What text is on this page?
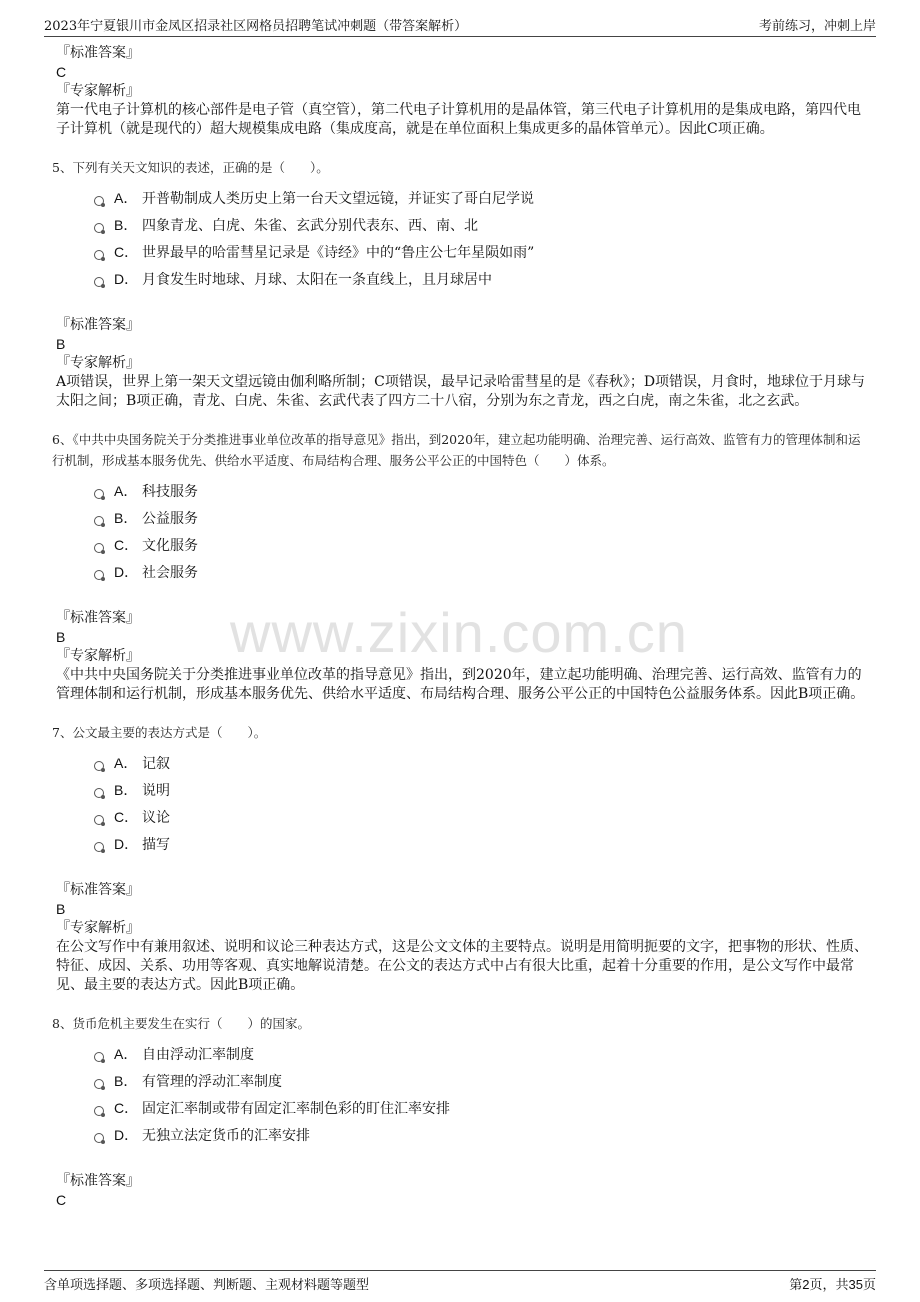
2023年宁夏银川市金凤区招录社区网格员招聘笔试冲刺题（带答案解析）	考前练习，冲刺上岸
www.zixin.com.cn
『标准答案』
C
『专家解析』

第一代电子计算机的核心部件是电子管（真空管），第二代电子计算机用的是晶体管，第三代电子计算机用的是集成电路，第四代电子计算机（就是现代的）超大规模集成电路（集成度高，就是在单位面积上集成更多的晶体管单元）。因此C项正确。

5、下列有关天文知识的表述，正确的是（　　）。
A． 开普勒制成人类历史上第一台天文望远镜，并证实了哥白尼学说
B． 四象青龙、白虎、朱雀、玄武分别代表东、西、南、北
C． 世界最早的哈雷彗星记录是《诗经》中的“鲁庄公七年星陨如雨”
D． 月食发生时地球、月球、太阳在一条直线上，且月球居中
『标准答案』
B
『专家解析』

A项错误，世界上第一架天文望远镜由伽利略所制；C项错误，最早记录哈雷彗星的是《春秋》；D项错误，月食时，地球位于月球与太阳之间；B项正确，青龙、白虎、朱雀、玄武代表了四方二十八宿，分别为东之青龙，西之白虎，南之朱雀，北之玄武。

6、《中共中央国务院关于分类推进事业单位改革的指导意见》指出，到2020年，建立起功能明确、治理完善、运行高效、监管有力的管理体制和运行机制，形成基本服务优先、供给水平适度、布局结构合理、服务公平公正的中国特色（　　）体系。
A． 科技服务
B． 公益服务
C． 文化服务
D． 社会服务
『标准答案』
B
『专家解析』

《中共中央国务院关于分类推进事业单位改革的指导意见》指出，到2020年，建立起功能明确、治理完善、运行高效、监管有力的管理体制和运行机制，形成基本服务优先、供给水平适度、布局结构合理、服务公平公正的中国特色公益服务体系。因此B项正确。

7、公文最主要的表达方式是（　　）。
A． 记叙
B． 说明
C． 议论
D． 描写
『标准答案』
B
『专家解析』

在公文写作中有兼用叙述、说明和议论三种表达方式，这是公文文体的主要特点。说明是用简明扼要的文字，把事物的形状、性质、特征、成因、关系、功用等客观、真实地解说清楚。在公文的表达方式中占有很大比重，起着十分重要的作用，是公文写作中最常见、最主要的表达方式。因此B项正确。

8、货币危机主要发生在实行（　　）的国家。
A． 自由浮动汇率制度
B． 有管理的浮动汇率制度
C． 固定汇率制或带有固定汇率制色彩的盯住汇率安排
D． 无独立法定货币的汇率安排
『标准答案』
C
含单项选择题、多项选择题、判断题、主观材料题等题型	第2页，共35页
